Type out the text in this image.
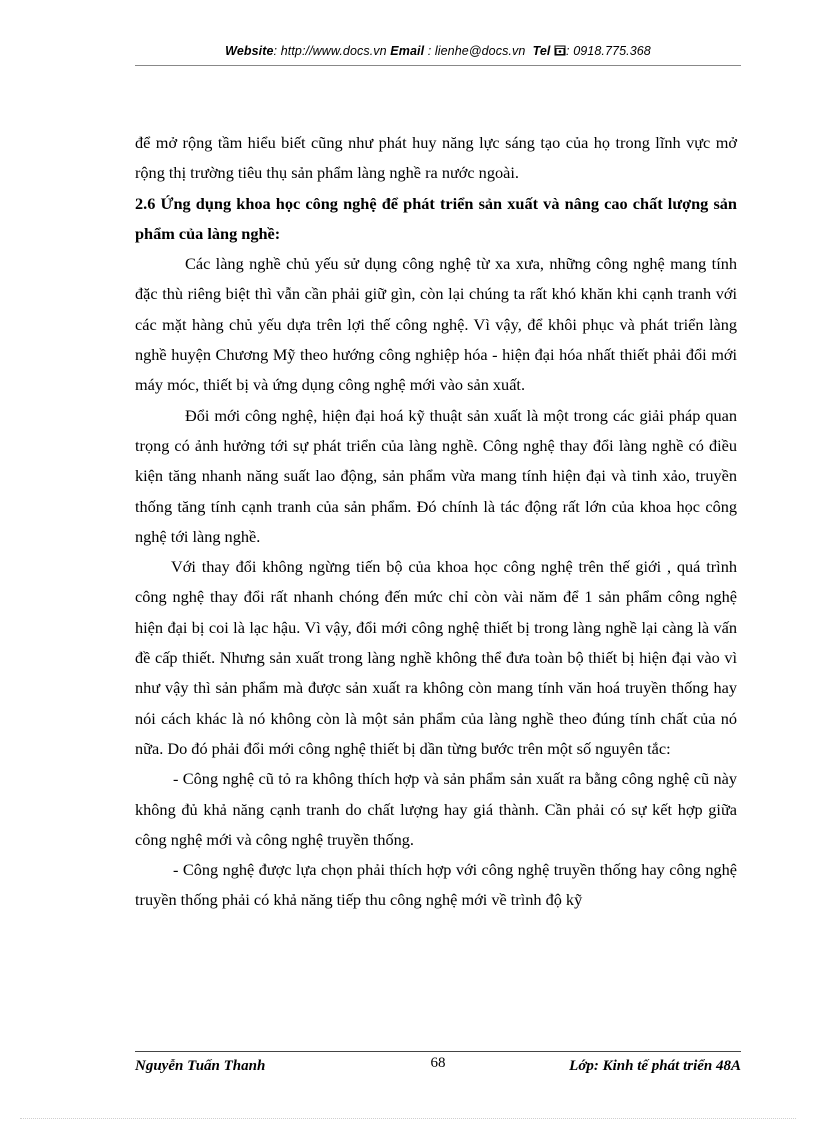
Website: http://www.docs.vn Email : lienhe@docs.vn Tel : 0918.775.368

để mở rộng tầm hiểu biết cũng như phát huy năng lực sáng tạo của họ trong lĩnh vực mở rộng thị trường tiêu thụ sản phẩm làng nghề ra nước ngoài.

2.6 Ứng dụng khoa học công nghệ để phát triển sản xuất và nâng cao chất lượng sản phẩm của làng nghề:

Các làng nghề chủ yếu sử dụng công nghệ từ xa xưa, những công nghệ mang tính đặc thù riêng biệt thì vẫn cần phải giữ gìn, còn lại chúng ta rất khó khăn khi cạnh tranh với các mặt hàng chủ yếu dựa trên lợi thế công nghệ. Vì vậy, để khôi phục và phát triển làng nghề huyện Chương Mỹ theo hướng công nghiệp hóa - hiện đại hóa nhất thiết phải đổi mới máy móc, thiết bị và ứng dụng công nghệ mới vào sản xuất.

Đổi mới công nghệ, hiện đại hoá kỹ thuật sản xuất là một trong các giải pháp quan trọng có ảnh hưởng tới sự phát triển của làng nghề. Công nghệ thay đổi làng nghề có điều kiện tăng nhanh năng suất lao động, sản phẩm vừa mang tính hiện đại và tinh xảo, truyền thống tăng tính cạnh tranh của sản phẩm. Đó chính là tác động rất lớn của khoa học công nghệ tới làng nghề.

Với thay đổi không ngừng tiến bộ của khoa học công nghệ trên thế giới , quá trình công nghệ thay đổi rất nhanh chóng đến mức chỉ còn vài năm để 1 sản phẩm công nghệ hiện đại bị coi là lạc hậu. Vì vậy, đổi mới công nghệ thiết bị trong làng nghề lại càng là vấn đề cấp thiết. Nhưng sản xuất trong làng nghề không thể đưa toàn bộ thiết bị hiện đại vào vì như vậy thì sản phẩm mà được sản xuất ra không còn mang tính văn hoá truyền thống hay nói cách khác là nó không còn là một sản phẩm của làng nghề theo đúng tính chất của nó nữa. Do đó phải đổi mới công nghệ thiết bị dần từng bước trên một số nguyên tắc:

- Công nghệ cũ tỏ ra không thích hợp và sản phẩm sản xuất ra bằng công nghệ cũ này không đủ khả năng cạnh tranh do chất lượng hay giá thành. Cần phải có sự kết hợp giữa công nghệ mới và công nghệ truyền thống.

- Công nghệ được lựa chọn phải thích hợp với công nghệ truyền thống hay công nghệ truyền thống phải có khả năng tiếp thu công nghệ mới về trình độ kỹ

Nguyễn Tuấn Thanh	68	Lớp: Kinh tế phát triển 48A
